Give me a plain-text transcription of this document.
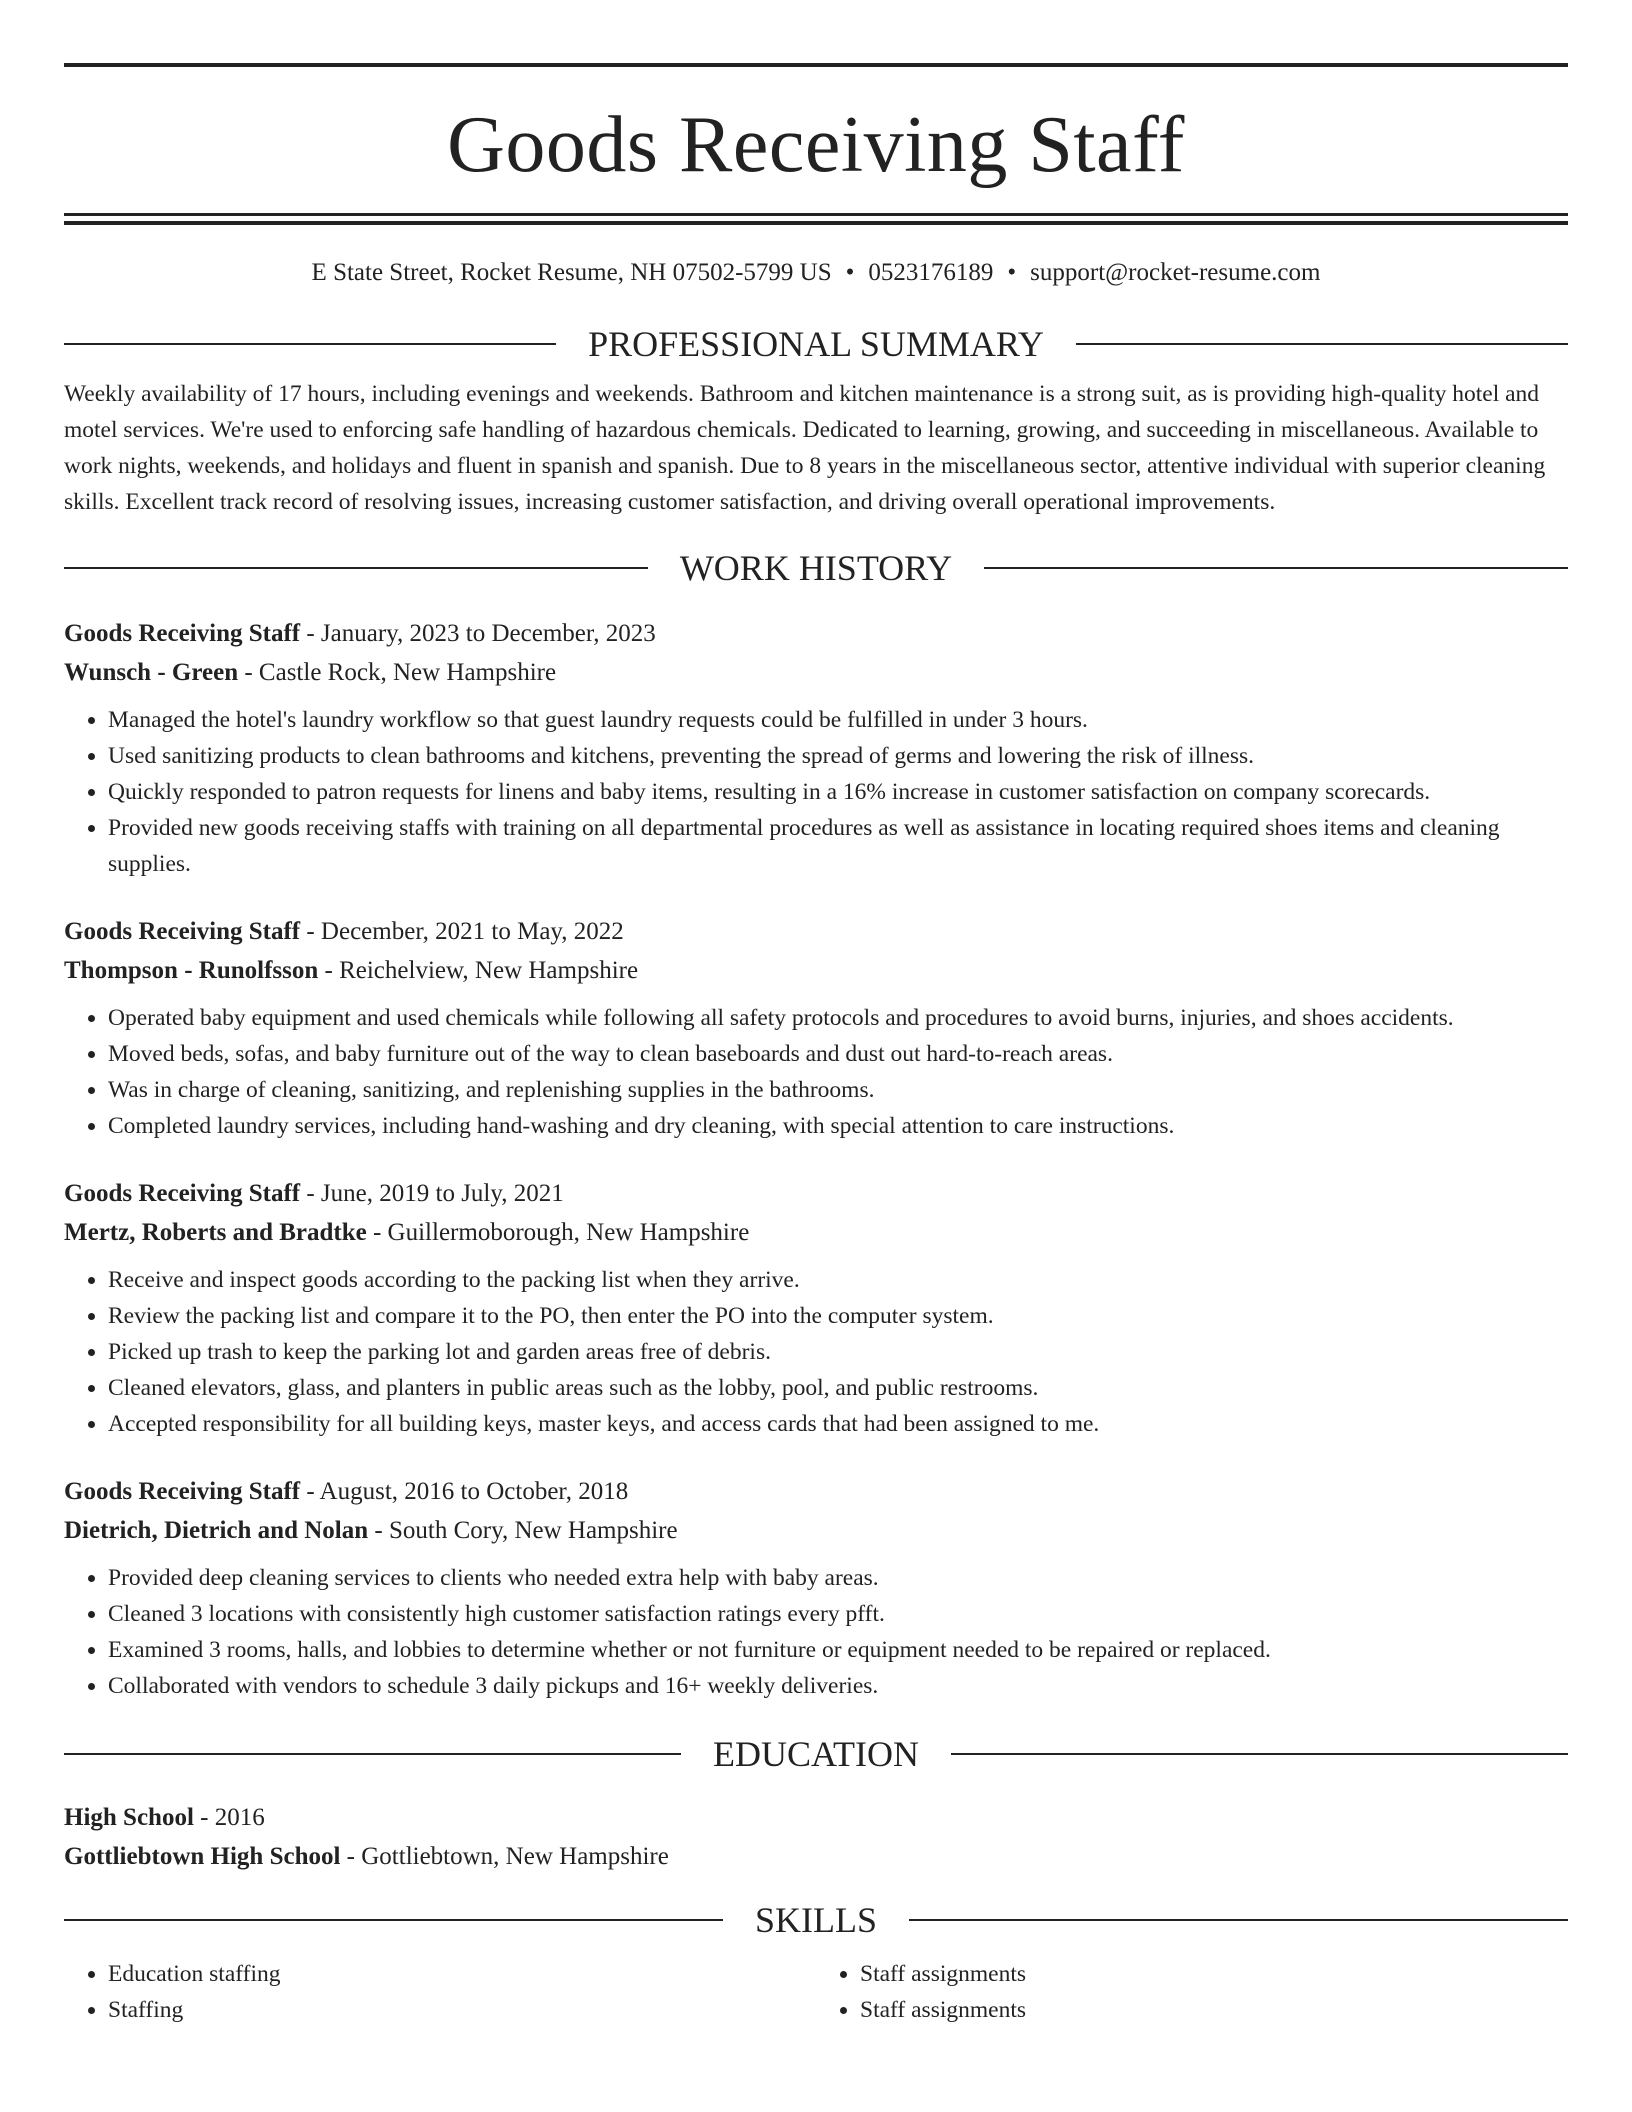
Goods Receiving Staff
E State Street, Rocket Resume, NH 07502-5799 US • 0523176189 • support@rocket-resume.com
PROFESSIONAL SUMMARY
Weekly availability of 17 hours, including evenings and weekends. Bathroom and kitchen maintenance is a strong suit, as is providing high-quality hotel and motel services. We're used to enforcing safe handling of hazardous chemicals. Dedicated to learning, growing, and succeeding in miscellaneous. Available to work nights, weekends, and holidays and fluent in spanish and spanish. Due to 8 years in the miscellaneous sector, attentive individual with superior cleaning skills. Excellent track record of resolving issues, increasing customer satisfaction, and driving overall operational improvements.
WORK HISTORY
Goods Receiving Staff - January, 2023 to December, 2023
Wunsch - Green - Castle Rock, New Hampshire
• Managed the hotel's laundry workflow so that guest laundry requests could be fulfilled in under 3 hours.
• Used sanitizing products to clean bathrooms and kitchens, preventing the spread of germs and lowering the risk of illness.
• Quickly responded to patron requests for linens and baby items, resulting in a 16% increase in customer satisfaction on company scorecards.
• Provided new goods receiving staffs with training on all departmental procedures as well as assistance in locating required shoes items and cleaning supplies.
Goods Receiving Staff - December, 2021 to May, 2022
Thompson - Runolfsson - Reichelview, New Hampshire
• Operated baby equipment and used chemicals while following all safety protocols and procedures to avoid burns, injuries, and shoes accidents.
• Moved beds, sofas, and baby furniture out of the way to clean baseboards and dust out hard-to-reach areas.
• Was in charge of cleaning, sanitizing, and replenishing supplies in the bathrooms.
• Completed laundry services, including hand-washing and dry cleaning, with special attention to care instructions.
Goods Receiving Staff - June, 2019 to July, 2021
Mertz, Roberts and Bradtke - Guillermoborough, New Hampshire
• Receive and inspect goods according to the packing list when they arrive.
• Review the packing list and compare it to the PO, then enter the PO into the computer system.
• Picked up trash to keep the parking lot and garden areas free of debris.
• Cleaned elevators, glass, and planters in public areas such as the lobby, pool, and public restrooms.
• Accepted responsibility for all building keys, master keys, and access cards that had been assigned to me.
Goods Receiving Staff - August, 2016 to October, 2018
Dietrich, Dietrich and Nolan - South Cory, New Hampshire
• Provided deep cleaning services to clients who needed extra help with baby areas.
• Cleaned 3 locations with consistently high customer satisfaction ratings every pfft.
• Examined 3 rooms, halls, and lobbies to determine whether or not furniture or equipment needed to be repaired or replaced.
• Collaborated with vendors to schedule 3 daily pickups and 16+ weekly deliveries.
EDUCATION
High School - 2016
Gottliebtown High School - Gottliebtown, New Hampshire
SKILLS
• Education staffing
• Staffing
• Staff assignments
• Staff assignments
